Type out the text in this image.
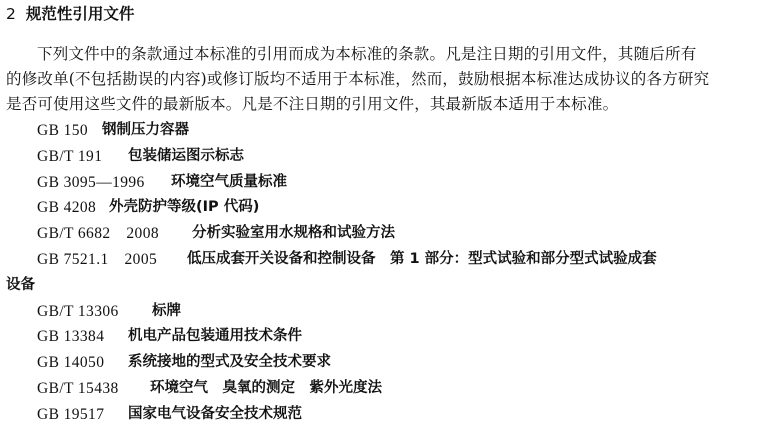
2 规范性引用文件
下列文件中的条款通过本标准的引用而成为本标准的条款。凡是注日期的引用文件，其随后所有
的修改单(不包括勘误的内容)或修订版均不适用于本标准，然而，鼓励根据本标准达成协议的各方研究
是否可使用这些文件的最新版本。凡是不注日期的引用文件，其最新版本适用于本标准。
GB 150 钢制压力容器
GB/T 191 包装储运图示标志
GB 3095—1996 环境空气质量标准
GB 4208 外壳防护等级(IP 代码)
GB/T 6682　2008 分析实验室用水规格和试验方法
GB 7521.1　2005 低压成套开关设备和控制设备　第 1 部分：型式试验和部分型式试验成套
设备
GB/T 13306 标牌
GB 13384 机电产品包装通用技术条件
GB 14050 系统接地的型式及安全技术要求
GB/T 15438 环境空气　臭氧的测定　紫外光度法
GB 19517 国家电气设备安全技术规范
